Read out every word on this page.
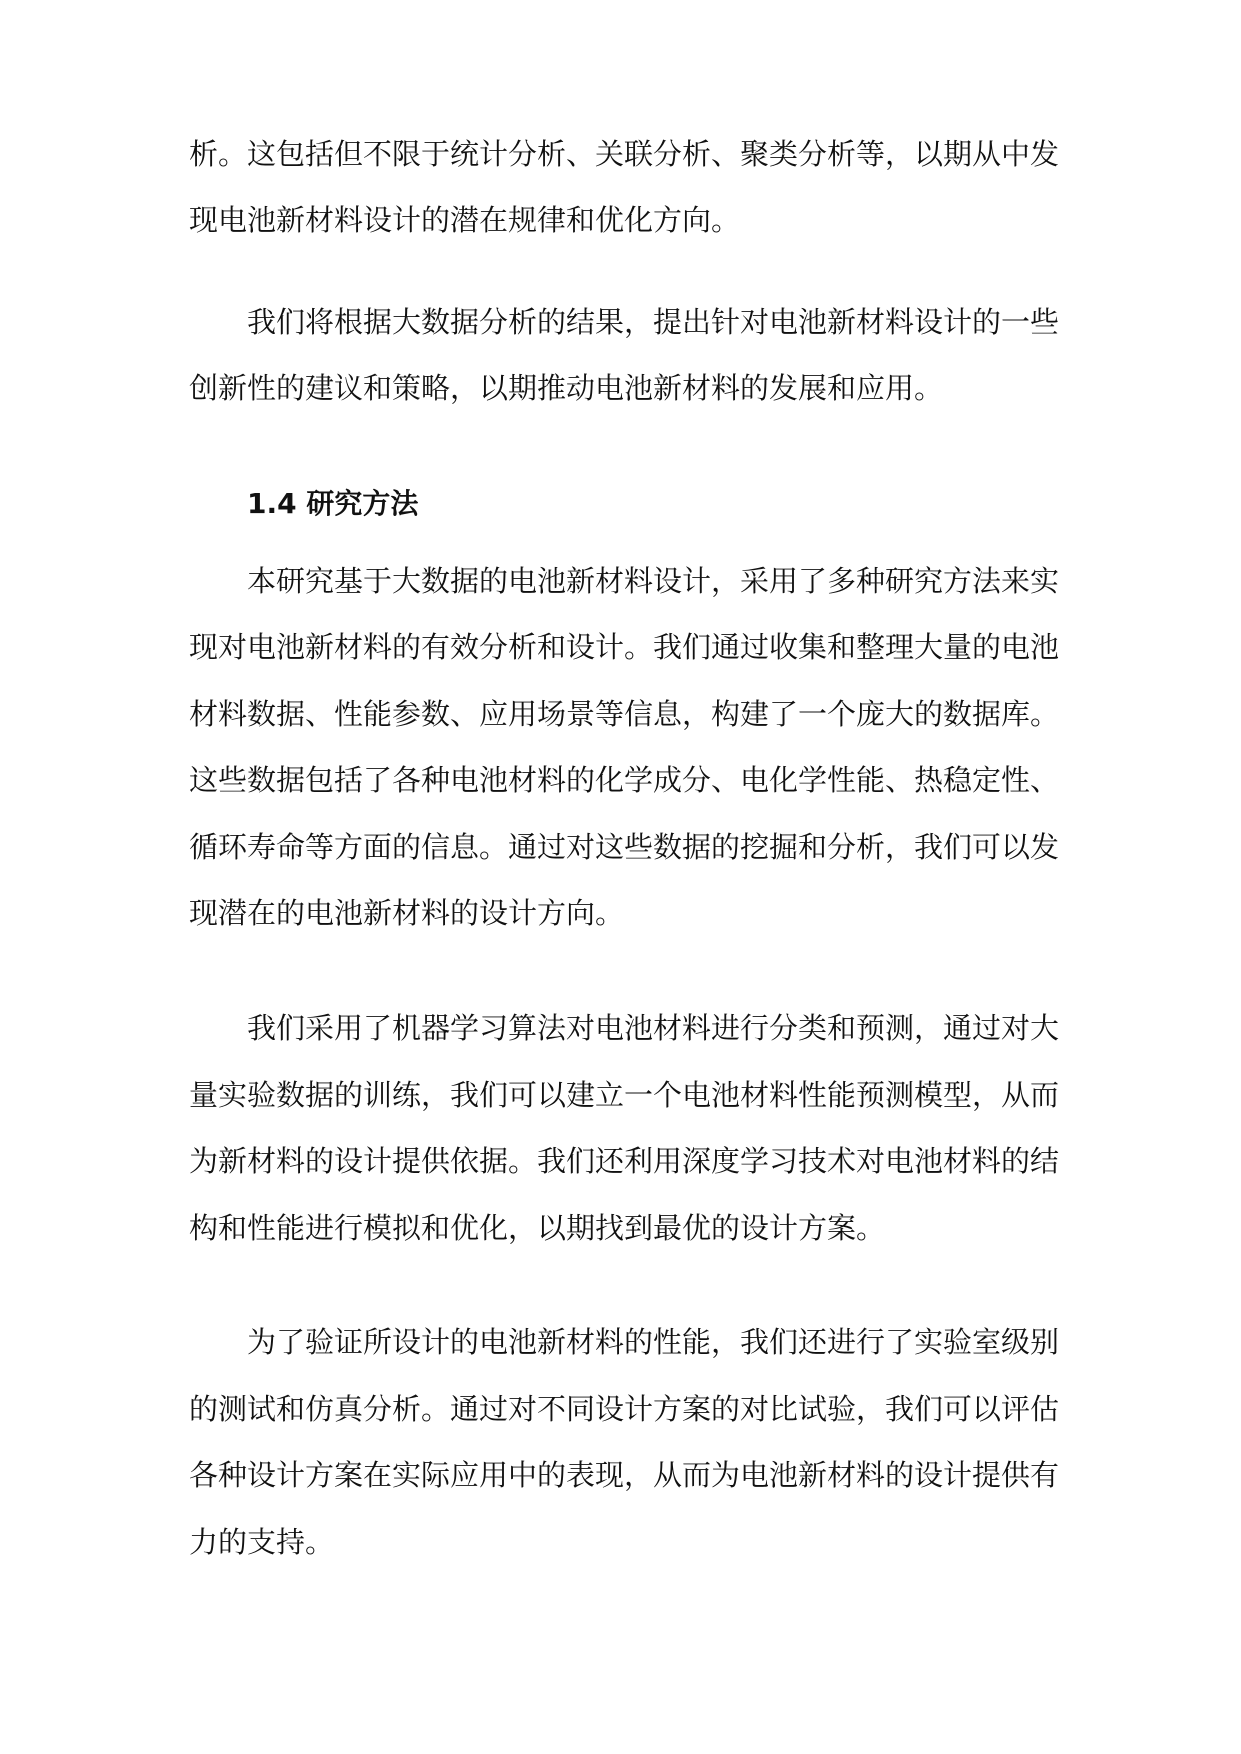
析。这包括但不限于统计分析、关联分析、聚类分析等，以期从中发
现电池新材料设计的潜在规律和优化方向。
我们将根据大数据分析的结果，提出针对电池新材料设计的一些
创新性的建议和策略，以期推动电池新材料的发展和应用。
1.4 研究方法
本研究基于大数据的电池新材料设计，采用了多种研究方法来实
现对电池新材料的有效分析和设计。我们通过收集和整理大量的电池
材料数据、性能参数、应用场景等信息，构建了一个庞大的数据库。
这些数据包括了各种电池材料的化学成分、电化学性能、热稳定性、
循环寿命等方面的信息。通过对这些数据的挖掘和分析，我们可以发
现潜在的电池新材料的设计方向。
我们采用了机器学习算法对电池材料进行分类和预测，通过对大
量实验数据的训练，我们可以建立一个电池材料性能预测模型，从而
为新材料的设计提供依据。我们还利用深度学习技术对电池材料的结
构和性能进行模拟和优化，以期找到最优的设计方案。
为了验证所设计的电池新材料的性能，我们还进行了实验室级别
的测试和仿真分析。通过对不同设计方案的对比试验，我们可以评估
各种设计方案在实际应用中的表现，从而为电池新材料的设计提供有
力的支持。
